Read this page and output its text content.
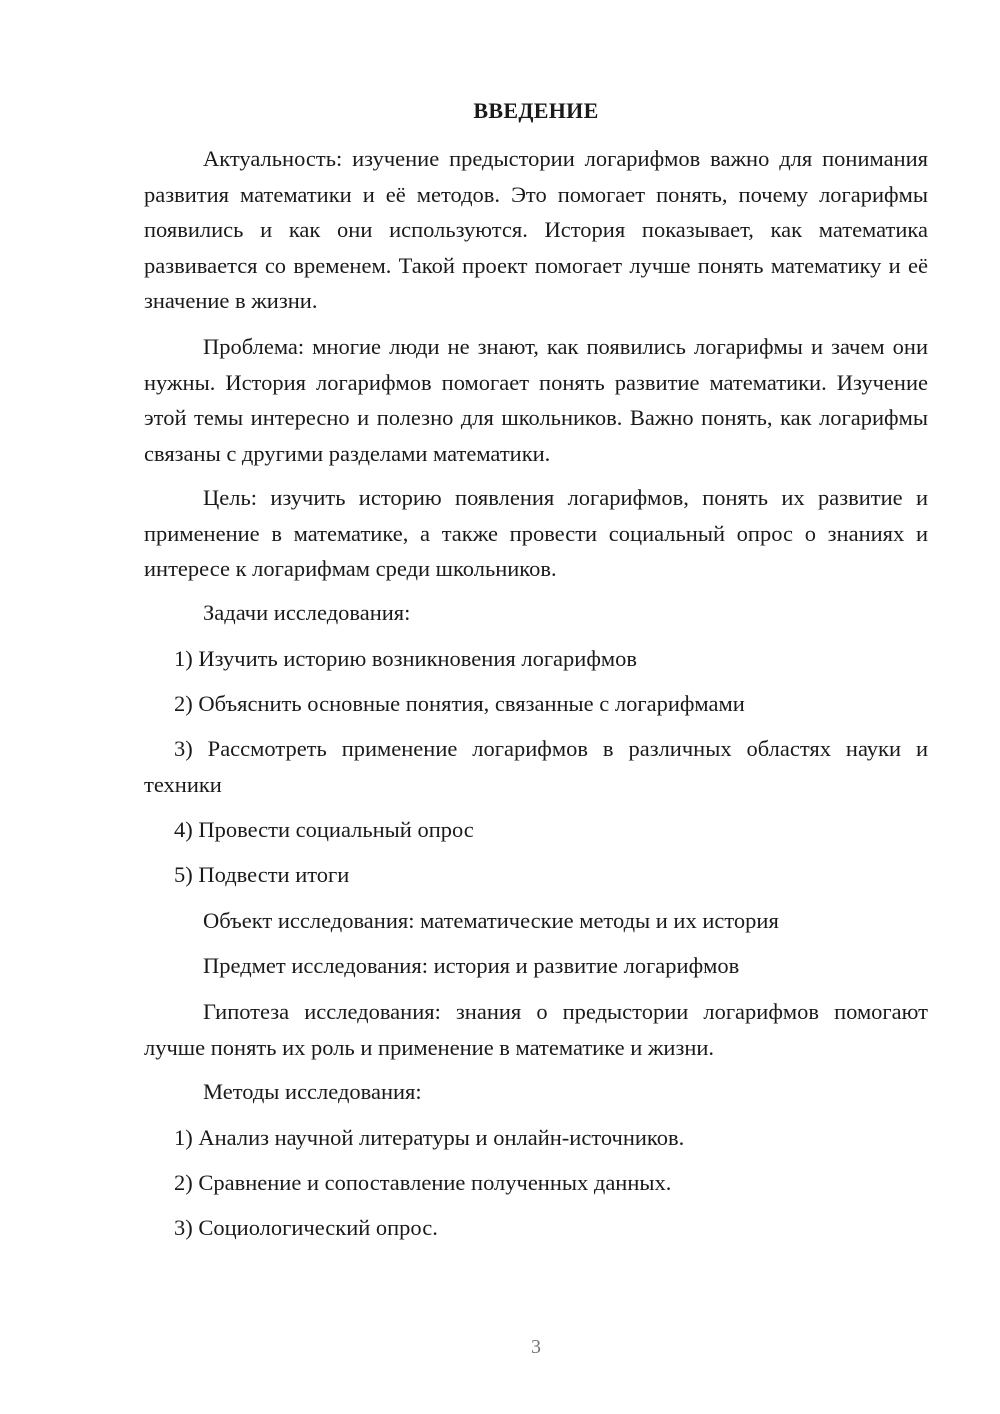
ВВЕДЕНИЕ

Актуальность: изучение предыстории логарифмов важно для понимания развития математики и её методов. Это помогает понять, почему логарифмы появились и как они используются. История показывает, как математика развивается со временем. Такой проект помогает лучше понять математику и её значение в жизни.

Проблема: многие люди не знают, как появились логарифмы и зачем они нужны. История логарифмов помогает понять развитие математики. Изучение этой темы интересно и полезно для школьников. Важно понять, как логарифмы связаны с другими разделами математики.

Цель: изучить историю появления логарифмов, понять их развитие и применение в математике, а также провести социальный опрос о знаниях и интересе к логарифмам среди школьников.

Задачи исследования:

1) Изучить историю возникновения логарифмов

2) Объяснить основные понятия, связанные с логарифмами

3) Рассмотреть применение логарифмов в различных областях науки и техники

4) Провести социальный опрос

5) Подвести итоги

Объект исследования: математические методы и их история

Предмет исследования: история и развитие логарифмов

Гипотеза исследования: знания о предыстории логарифмов помогают лучше понять их роль и применение в математике и жизни.

Методы исследования:

1) Анализ научной литературы и онлайн-источников.

2) Сравнение и сопоставление полученных данных.

3) Социологический опрос.

3
